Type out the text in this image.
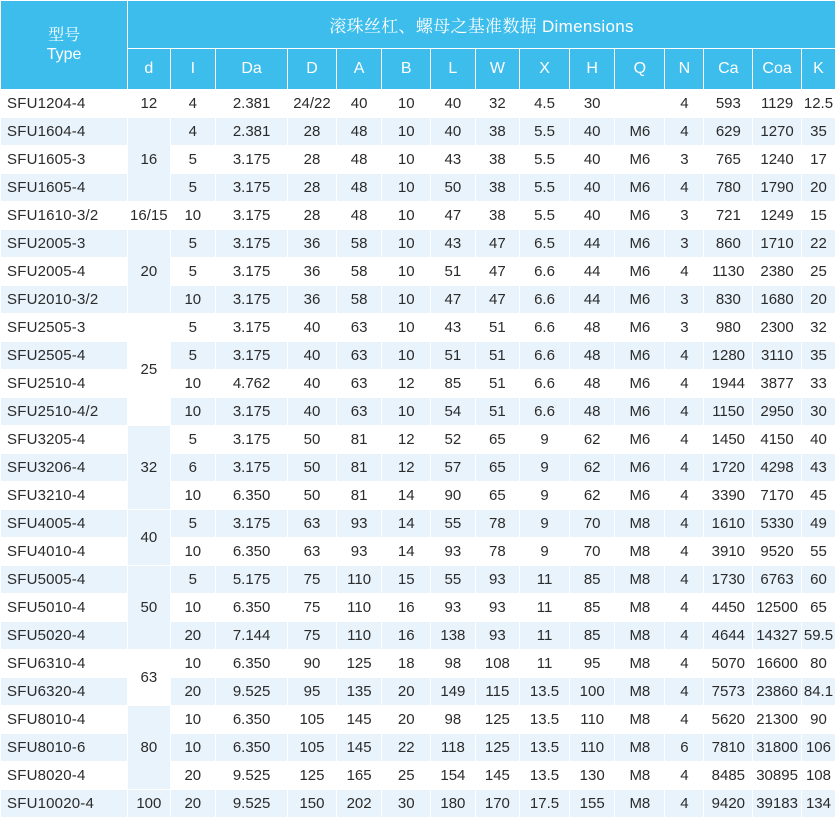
型号
Type	滚珠丝杠、螺母之基准数据 Dimensions														
	d	I	Da	D	A	B	L	W	X	H	Q	N	Ca	Coa	K
SFU1204-4	12	4	2.381	24/22	40	10	40	32	4.5	30		4	593	1129	12.5
SFU1604-4	16	4	2.381	28	48	10	40	38	5.5	40	M6	4	629	1270	35
SFU1605-3		5	3.175	28	48	10	43	38	5.5	40	M6	3	765	1240	17
SFU1605-4		5	3.175	28	48	10	50	38	5.5	40	M6	4	780	1790	20
SFU1610-3/2	16/15	10	3.175	28	48	10	47	38	5.5	40	M6	3	721	1249	15
SFU2005-3	20	5	3.175	36	58	10	43	47	6.5	44	M6	3	860	1710	22
SFU2005-4		5	3.175	36	58	10	51	47	6.6	44	M6	4	1130	2380	25
SFU2010-3/2		10	3.175	36	58	10	47	47	6.6	44	M6	3	830	1680	20
SFU2505-3	25	5	3.175	40	63	10	43	51	6.6	48	M6	3	980	2300	32
SFU2505-4		5	3.175	40	63	10	51	51	6.6	48	M6	4	1280	3110	35
SFU2510-4		10	4.762	40	63	12	85	51	6.6	48	M6	4	1944	3877	33
SFU2510-4/2		10	3.175	40	63	10	54	51	6.6	48	M6	4	1150	2950	30
SFU3205-4	32	5	3.175	50	81	12	52	65	9	62	M6	4	1450	4150	40
SFU3206-4		6	3.175	50	81	12	57	65	9	62	M6	4	1720	4298	43
SFU3210-4		10	6.350	50	81	14	90	65	9	62	M6	4	3390	7170	45
SFU4005-4	40	5	3.175	63	93	14	55	78	9	70	M8	4	1610	5330	49
SFU4010-4		10	6.350	63	93	14	93	78	9	70	M8	4	3910	9520	55
SFU5005-4	50	5	5.175	75	110	15	55	93	11	85	M8	4	1730	6763	60
SFU5010-4		10	6.350	75	110	16	93	93	11	85	M8	4	4450	12500	65
SFU5020-4		20	7.144	75	110	16	138	93	11	85	M8	4	4644	14327	59.5
SFU6310-4	63	10	6.350	90	125	18	98	108	11	95	M8	4	5070	16600	80
SFU6320-4		20	9.525	95	135	20	149	115	13.5	100	M8	4	7573	23860	84.1
SFU8010-4	80	10	6.350	105	145	20	98	125	13.5	110	M8	4	5620	21300	90
SFU8010-6		10	6.350	105	145	22	118	125	13.5	110	M8	6	7810	31800	106
SFU8020-4		20	9.525	125	165	25	154	145	13.5	130	M8	4	8485	30895	108
SFU10020-4	100	20	9.525	150	202	30	180	170	17.5	155	M8	4	9420	39183	134
